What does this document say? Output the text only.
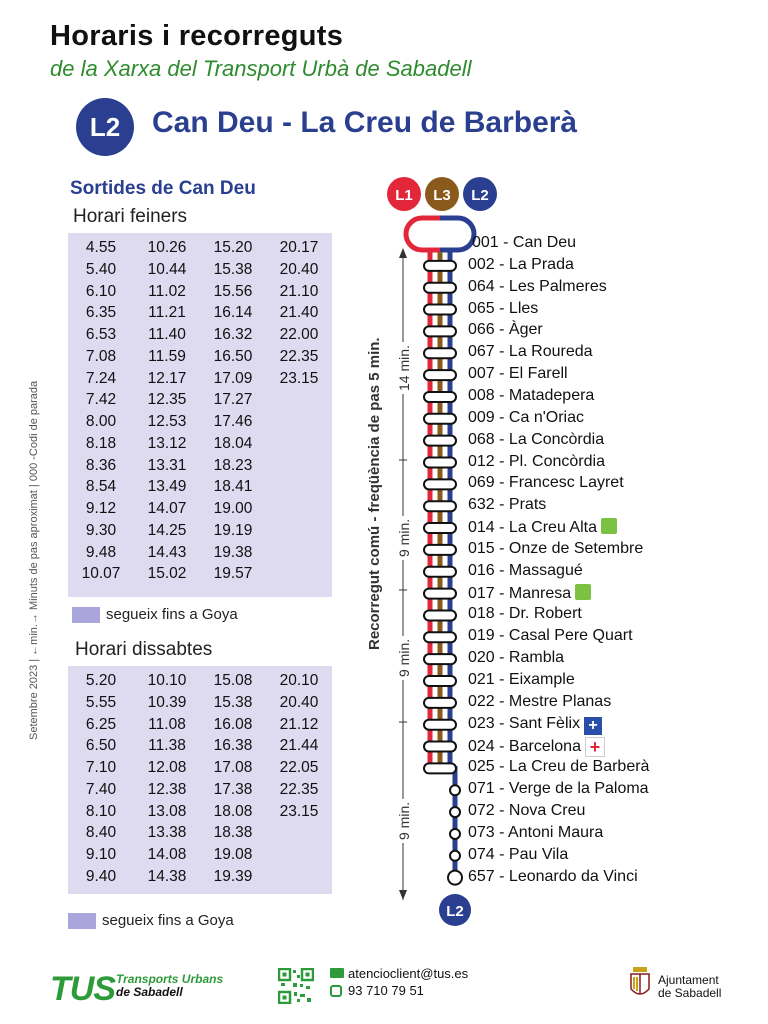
Horaris i recorreguts
de la Xarxa del Transport Urbà de Sabadell
L2	Can Deu - La Creu de Barberà
Sortides de Can Deu
Horari feiners
4.55
5.40
6.10
6.35
6.53
7.08
7.24
7.42
8.00
8.18
8.36
8.54
9.12
9.30
9.48
10.07
10.26
10.44
11.02
11.21
11.40
11.59
12.17
12.35
12.53
13.12
13.31
13.49
14.07
14.25
14.43
15.02
15.20
15.38
15.56
16.14
16.32
16.50
17.09
17.27
17.46
18.04
18.23
18.41
19.00
19.19
19.38
19.57
20.17
20.40
21.10
21.40
22.00
22.35
23.15
segueix fins a Goya
Horari dissabtes
5.20
5.55
6.25
6.50
7.10
7.40
8.10
8.40
9.10
9.40
10.10
10.39
11.08
11.38
12.08
12.38
13.08
13.38
14.08
14.38
15.08
15.38
16.08
16.38
17.08
17.38
18.08
18.38
19.08
19.39
20.10
20.40
21.12
21.44
22.05
22.35
23.15
segueix fins a Goya
Setembre 2023 | ←min.→ Minuts de pas aproximat | 000 -Codi de parada
L1 L3 L2
L2
Recorregut comú - freqüència de pas 5 min. 14 min.
9 min.
9 min.
9 min.
001 - Can Deu
002 - La Prada
064 - Les Palmeres
065 - Lles
066 - Àger
067 - La Roureda
007 - El Farell
008 - Matadepera
009 - Ca n'Oriac
068 - La Concòrdia
012 - Pl. Concòrdia
069 - Francesc Layret
632 - Prats
014 - La Creu Alta
015 - Onze de Setembre
016 - Massagué
017 - Manresa
018 - Dr. Robert
019 - Casal Pere Quart
020 - Rambla
021 - Eixample
022 - Mestre Planas
023 - Sant Fèlix +
024 - Barcelona +
025 - La Creu de Barberà
071 - Verge de la Paloma
072 - Nova Creu
073 - Antoni Maura
074 - Pau Vila
657 - Leonardo da Vinci
TUS Transports Urbans
de Sabadell
atencioclient@tus.es
93 710 79 51
Ajuntament
de Sabadell
